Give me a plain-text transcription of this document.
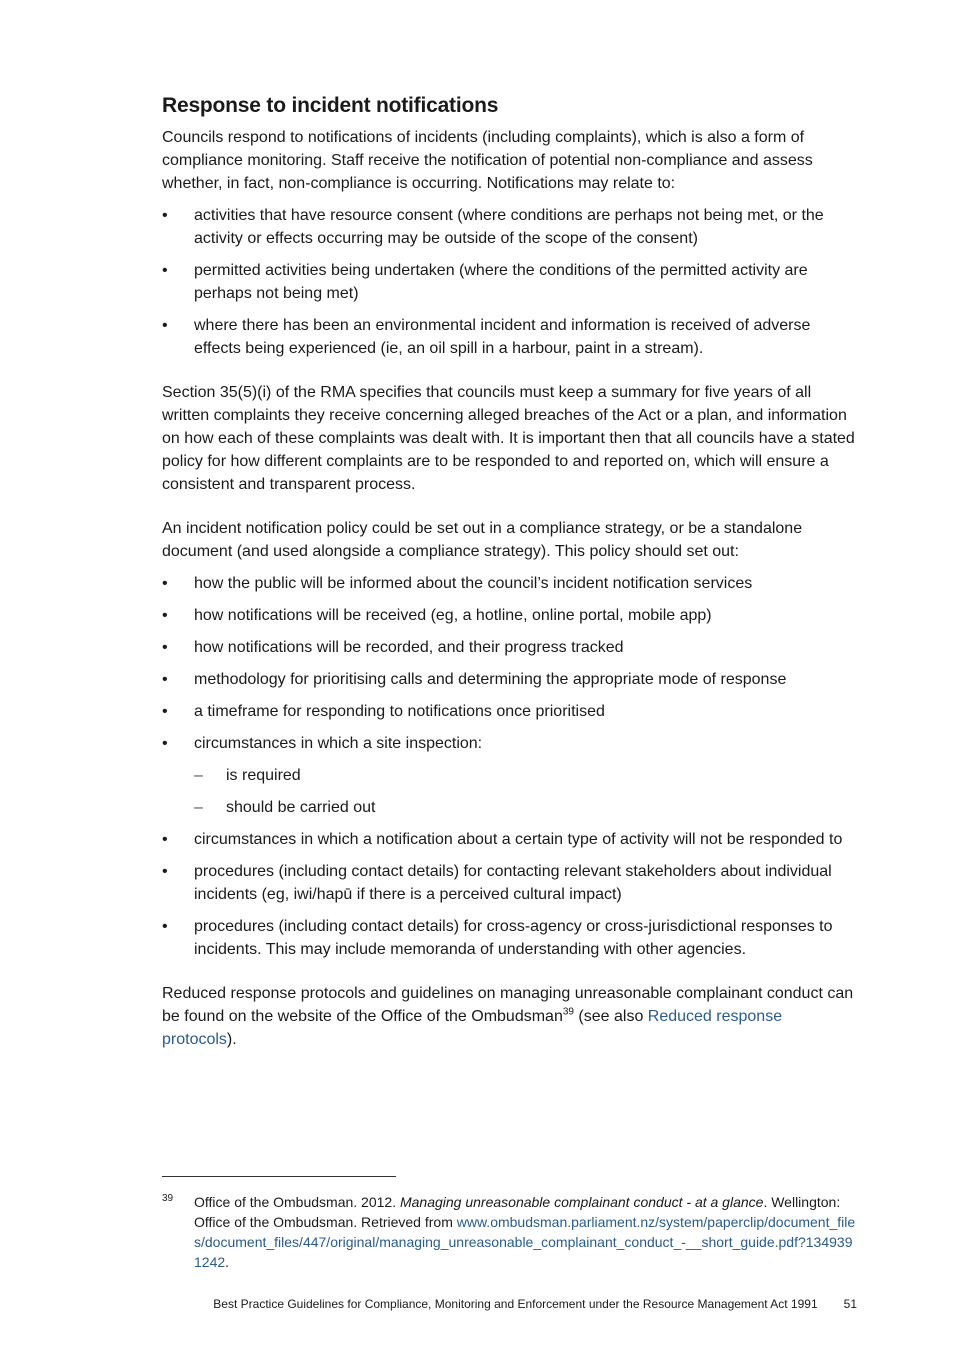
Response to incident notifications

Councils respond to notifications of incidents (including complaints), which is also a form of compliance monitoring. Staff receive the notification of potential non-compliance and assess whether, in fact, non-compliance is occurring. Notifications may relate to:

•	activities that have resource consent (where conditions are perhaps not being met, or the activity or effects occurring may be outside of the scope of the consent)
•	permitted activities being undertaken (where the conditions of the permitted activity are perhaps not being met)
•	where there has been an environmental incident and information is received of adverse effects being experienced (ie, an oil spill in a harbour, paint in a stream).

Section 35(5)(i) of the RMA specifies that councils must keep a summary for five years of all written complaints they receive concerning alleged breaches of the Act or a plan, and information on how each of these complaints was dealt with. It is important then that all councils have a stated policy for how different complaints are to be responded to and reported on, which will ensure a consistent and transparent process.

An incident notification policy could be set out in a compliance strategy, or be a standalone document (and used alongside a compliance strategy). This policy should set out:

•	how the public will be informed about the council’s incident notification services
•	how notifications will be received (eg, a hotline, online portal, mobile app)
•	how notifications will be recorded, and their progress tracked
•	methodology for prioritising calls and determining the appropriate mode of response
•	a timeframe for responding to notifications once prioritised
•	circumstances in which a site inspection:
– is required
– should be carried out
•	circumstances in which a notification about a certain type of activity will not be responded to
•	procedures (including contact details) for contacting relevant stakeholders about individual incidents (eg, iwi/hapū if there is a perceived cultural impact)
•	procedures (including contact details) for cross-agency or cross-jurisdictional responses to incidents. This may include memoranda of understanding with other agencies.

Reduced response protocols and guidelines on managing unreasonable complainant conduct can be found on the website of the Office of the Ombudsman$^{39}$ (see also Reduced response protocols).

39	Office of the Ombudsman. 2012. Managing unreasonable complainant conduct - at a glance. Wellington: Office of the Ombudsman. Retrieved from www.ombudsman.parliament.nz/system/paperclip/document_files/document_files/447/original/managing_unreasonable_complainant_conduct_-__short_guide.pdf?1349391242.
Best Practice Guidelines for Compliance, Monitoring and Enforcement under the Resource Management Act 1991 51
